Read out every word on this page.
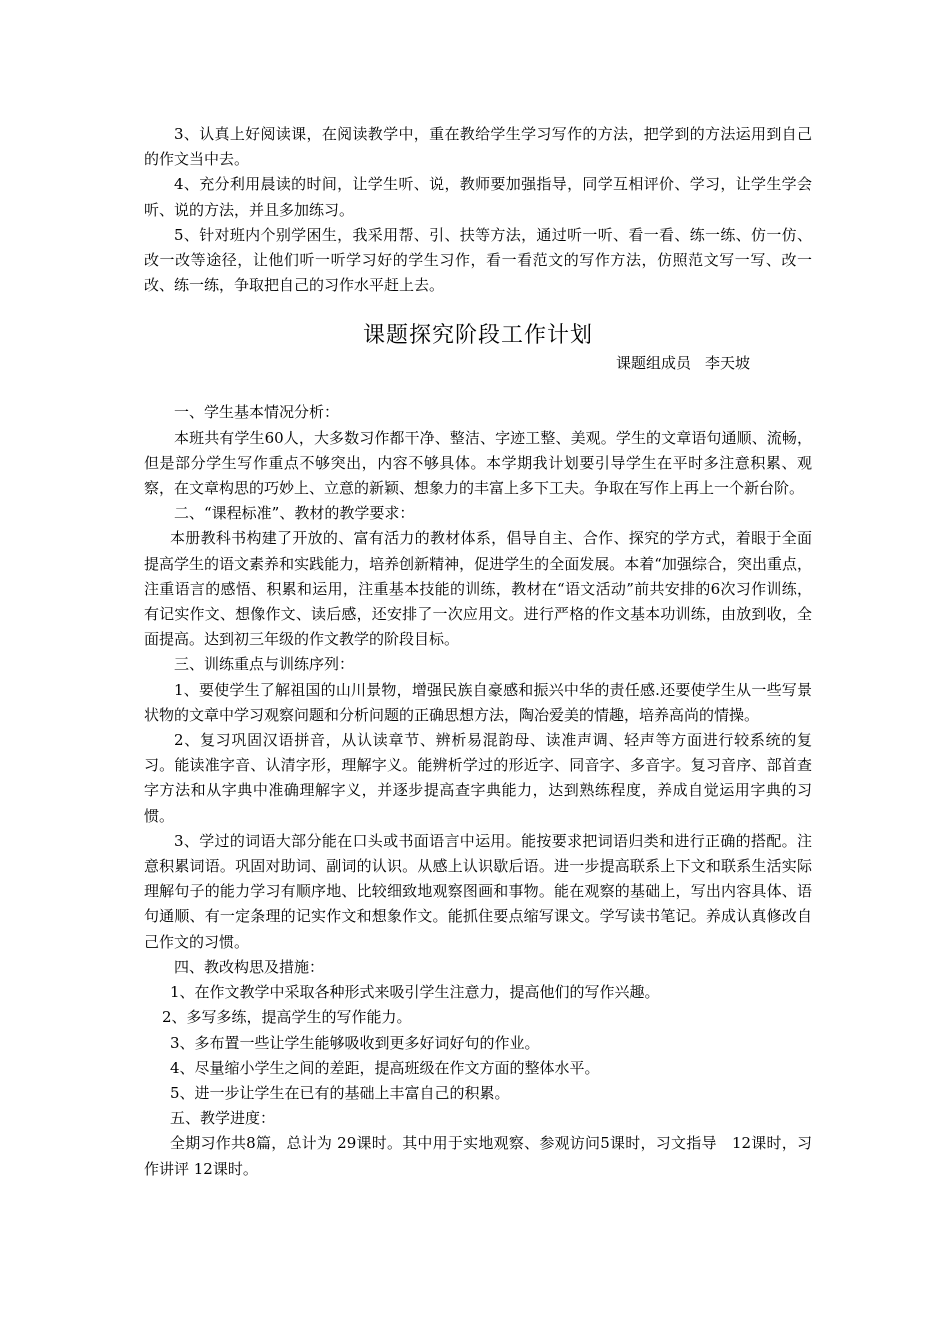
3、认真上好阅读课，在阅读教学中，重在教给学生学习写作的方法，把学到的方法运用到自己的作文当中去。

4、充分利用晨读的时间，让学生听、说，教师要加强指导，同学互相评价、学习，让学生学会听、说的方法，并且多加练习。

5、针对班内个别学困生，我采用帮、引、扶等方法，通过听一听、看一看、练一练、仿一仿、改一改等途径，让他们听一听学习好的学生习作，看一看范文的写作方法，仿照范文写一写、改一改、练一练，争取把自己的习作水平赶上去。

课题探究阶段工作计划
课题组成员 李天坡

一、学生基本情况分析：

本班共有学生60人，大多数习作都干净、整洁、字迹工整、美观。学生的文章语句通顺、流畅，但是部分学生写作重点不够突出，内容不够具体。本学期我计划要引导学生在平时多注意积累、观察，在文章构思的巧妙上、立意的新颖、想象力的丰富上多下工夫。争取在写作上再上一个新台阶。

二、“课程标准”、教材的教学要求：

本册教科书构建了开放的、富有活力的教材体系，倡导自主、合作、探究的学方式，着眼于全面提高学生的语文素养和实践能力，培养创新精神，促进学生的全面发展。本着“加强综合，突出重点，注重语言的感悟、积累和运用，注重基本技能的训练，教材在“语文活动”前共安排的6次习作训练，有记实作文、想像作文、读后感，还安排了一次应用文。进行严格的作文基本功训练，由放到收，全面提高。达到初三年级的作文教学的阶段目标。

三、训练重点与训练序列：

1、要使学生了解祖国的山川景物，增强民族自豪感和振兴中华的责任感.还要使学生从一些写景状物的文章中学习观察问题和分析问题的正确思想方法，陶冶爱美的情趣，培养高尚的情操。

2、复习巩固汉语拼音，从认读章节、辨析易混韵母、读准声调、轻声等方面进行较系统的复习。能读准字音、认清字形，理解字义。能辨析学过的形近字、同音字、多音字。复习音序、部首查字方法和从字典中准确理解字义，并逐步提高查字典能力，达到熟练程度，养成自觉运用字典的习惯。

3、学过的词语大部分能在口头或书面语言中运用。能按要求把词语归类和进行正确的搭配。注意积累词语。巩固对助词、副词的认识。从感上认识歇后语。进一步提高联系上下文和联系生活实际理解句子的能力学习有顺序地、比较细致地观察图画和事物。能在观察的基础上，写出内容具体、语句通顺、有一定条理的记实作文和想象作文。能抓住要点缩写课文。学写读书笔记。养成认真修改自己作文的习惯。

四、教改构思及措施：

1、在作文教学中采取各种形式来吸引学生注意力，提高他们的写作兴趣。

2、多写多练，提高学生的写作能力。

3、多布置一些让学生能够吸收到更多好词好句的作业。

4、尽量缩小学生之间的差距，提高班级在作文方面的整体水平。

5、进一步让学生在已有的基础上丰富自己的积累。

五、教学进度：

全期习作共8篇，总计为 29课时。其中用于实地观察、参观访问5课时，习文指导　12课时，习作讲评 12课时。
